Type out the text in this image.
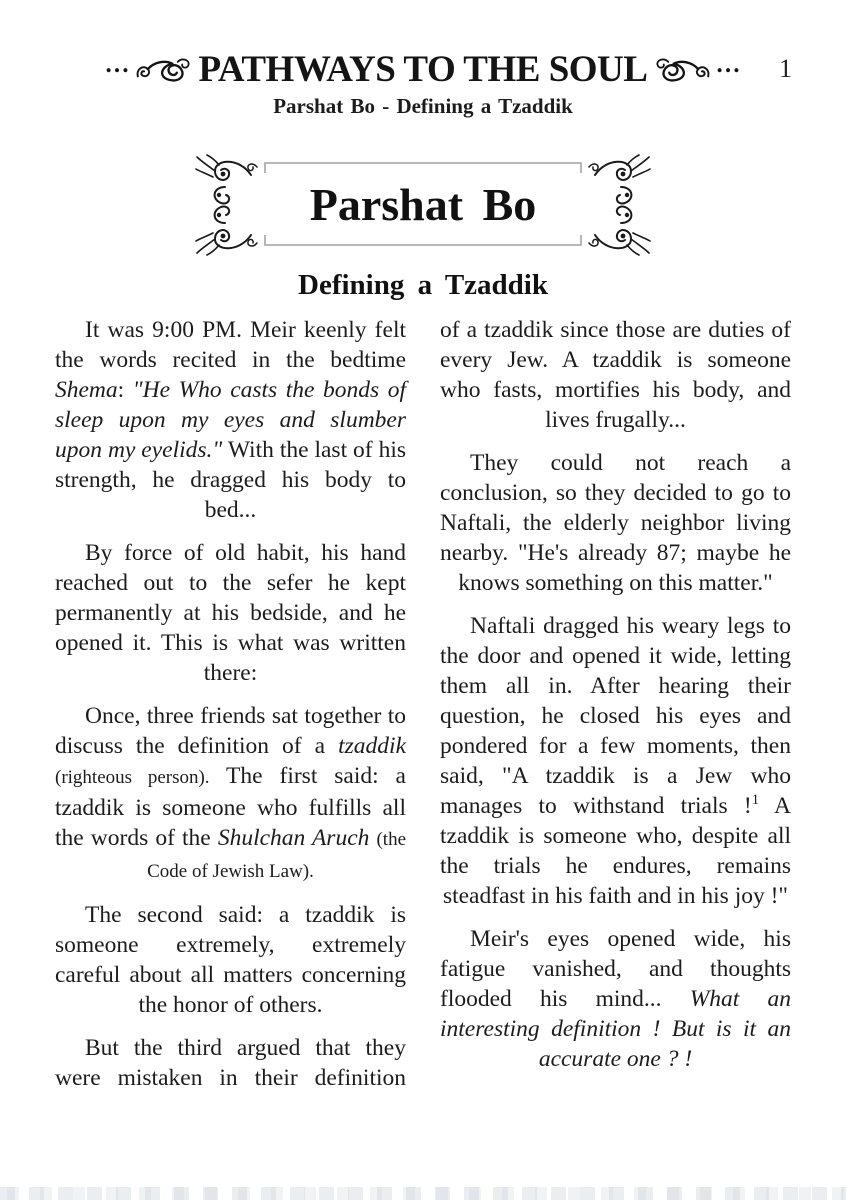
… PATHWAYS TO THE SOUL	…
Parshat Bo - Defining a Tzaddik
1
Parshat Bo
Defining a Tzaddik

It was 9:00 PM. Meir keenly felt the words recited in the bedtime Shema: "He Who casts the bonds of sleep upon my eyes and slumber upon my eyelids." With the last of his strength, he dragged his body to bed...

By force of old habit, his hand reached out to the sefer he kept permanently at his bedside, and he opened it. This is what was written there:

Once, three friends sat together to discuss the definition of a tzaddik (righteous person). The first said: a tzaddik is someone who fulfills all the words of the Shulchan Aruch (the Code of Jewish Law).

The second said: a tzaddik is someone extremely, extremely careful about all matters concerning the honor of others.

But the third argued that they were mistaken in their definition

of a tzaddik since those are duties of every Jew. A tzaddik is someone who fasts, mortifies his body, and lives frugally...

They could not reach a conclusion, so they decided to go to Naftali, the elderly neighbor living nearby. "He's already 87; maybe he knows something on this matter."

Naftali dragged his weary legs to the door and opened it wide, letting them all in. After hearing their question, he closed his eyes and pondered for a few moments, then said, "A tzaddik is a Jew who manages to withstand trials !$^1$ A tzaddik is someone who, despite all the trials he endures, remains steadfast in his faith and in his joy !"

Meir's eyes opened wide, his fatigue vanished, and thoughts flooded his mind... What an interesting definition ! But is it an accurate one ? !
